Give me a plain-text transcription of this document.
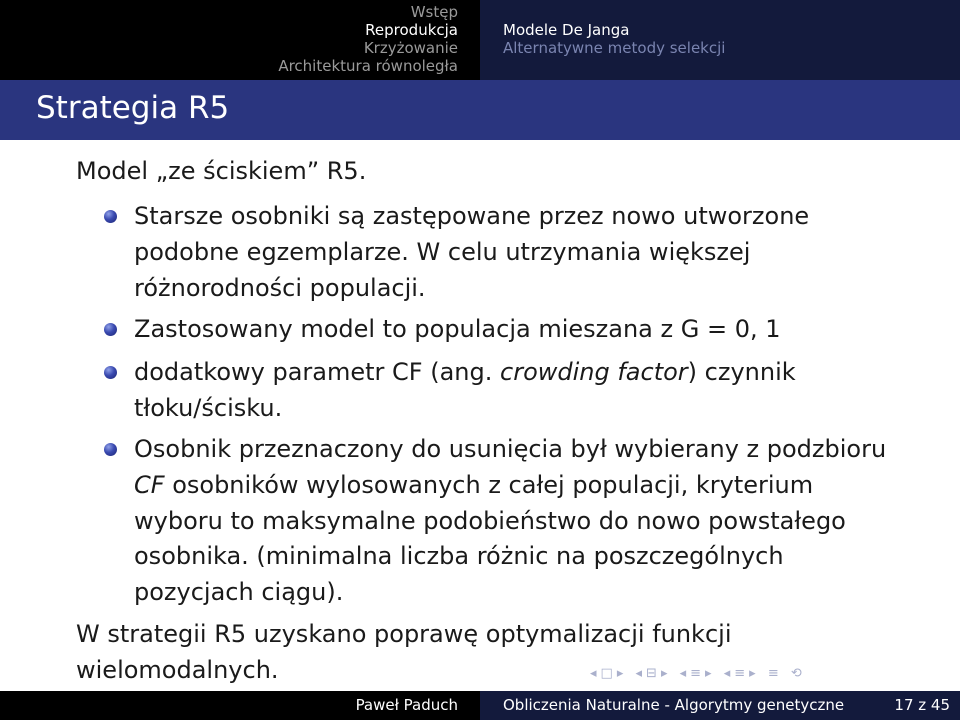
Wstęp
Reprodukcja
Krzyżowanie
Architektura równoległa
Modele De Janga
Alternatywne metody selekcji
Strategia R5
Model „ze ściskiem” R5.
Starsze osobniki są zastępowane przez nowo utworzone
podobne egzemplarze. W celu utrzymania większej
różnorodności populacji.
Zastosowany model to populacja mieszana z G = 0, 1
dodatkowy parametr CF (ang. crowding factor) czynnik
tłoku/ścisku.
Osobnik przeznaczony do usunięcia był wybierany z podzbioru
CF osobników wylosowanych z całej populacji, kryterium
wyboru to maksymalne podobieństwo do nowo powstałego
osobnika. (minimalna liczba różnic na poszczególnych
pozycjach ciągu).
W strategii R5 uzyskano poprawę optymalizacji funkcji
wielomodalnych.	◂□▸ ◂⊟▸ ◂≡▸ ◂≡▸ ≡ ⟲
Paweł Paduch	Obliczenia Naturalne - Algorytmy genetyczne	17 z 45
